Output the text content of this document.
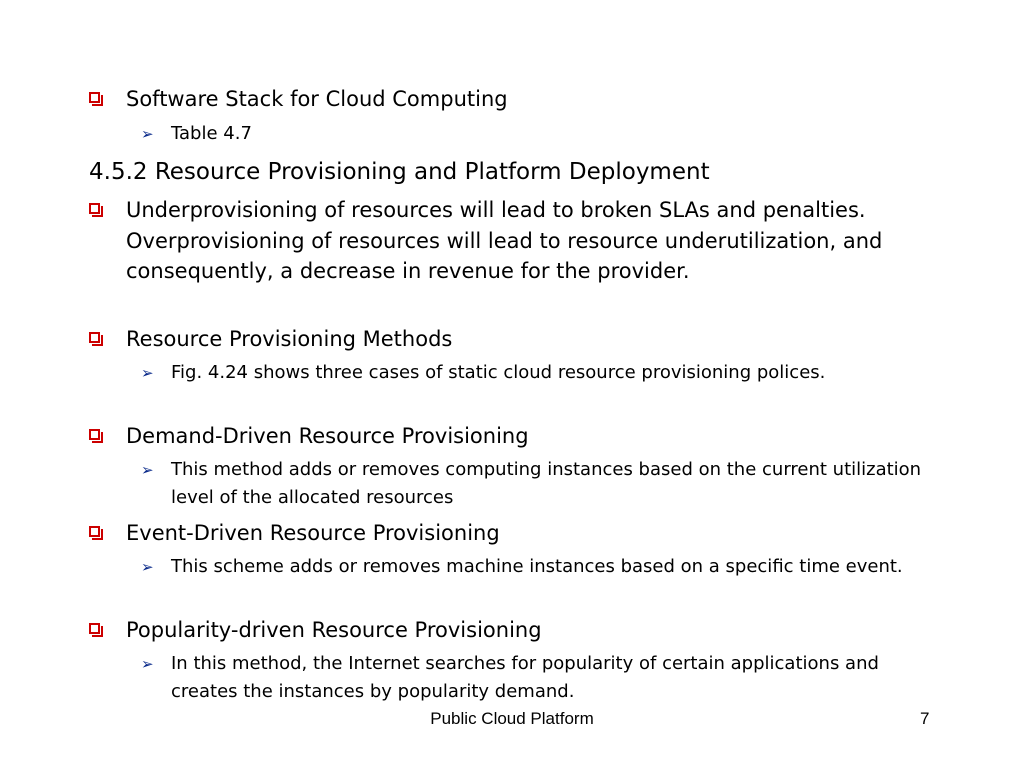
Software Stack for Cloud Computing

➢ Table 4.7

4.5.2 Resource Provisioning and Platform Deployment

Underprovisioning of resources will lead to broken SLAs and penalties. Overprovisioning of resources will lead to resource underutilization, and consequently, a decrease in revenue for the provider.

Resource Provisioning Methods

➢ Fig. 4.24 shows three cases of static cloud resource provisioning polices.

Demand-Driven Resource Provisioning

➢ This method adds or removes computing instances based on the current utilization level of the allocated resources

Event-Driven Resource Provisioning

➢ This scheme adds or removes machine instances based on a specific time event.

Popularity-driven Resource Provisioning

➢ In this method, the Internet searches for popularity of certain applications and creates the instances by popularity demand.

Public Cloud Platform	7
